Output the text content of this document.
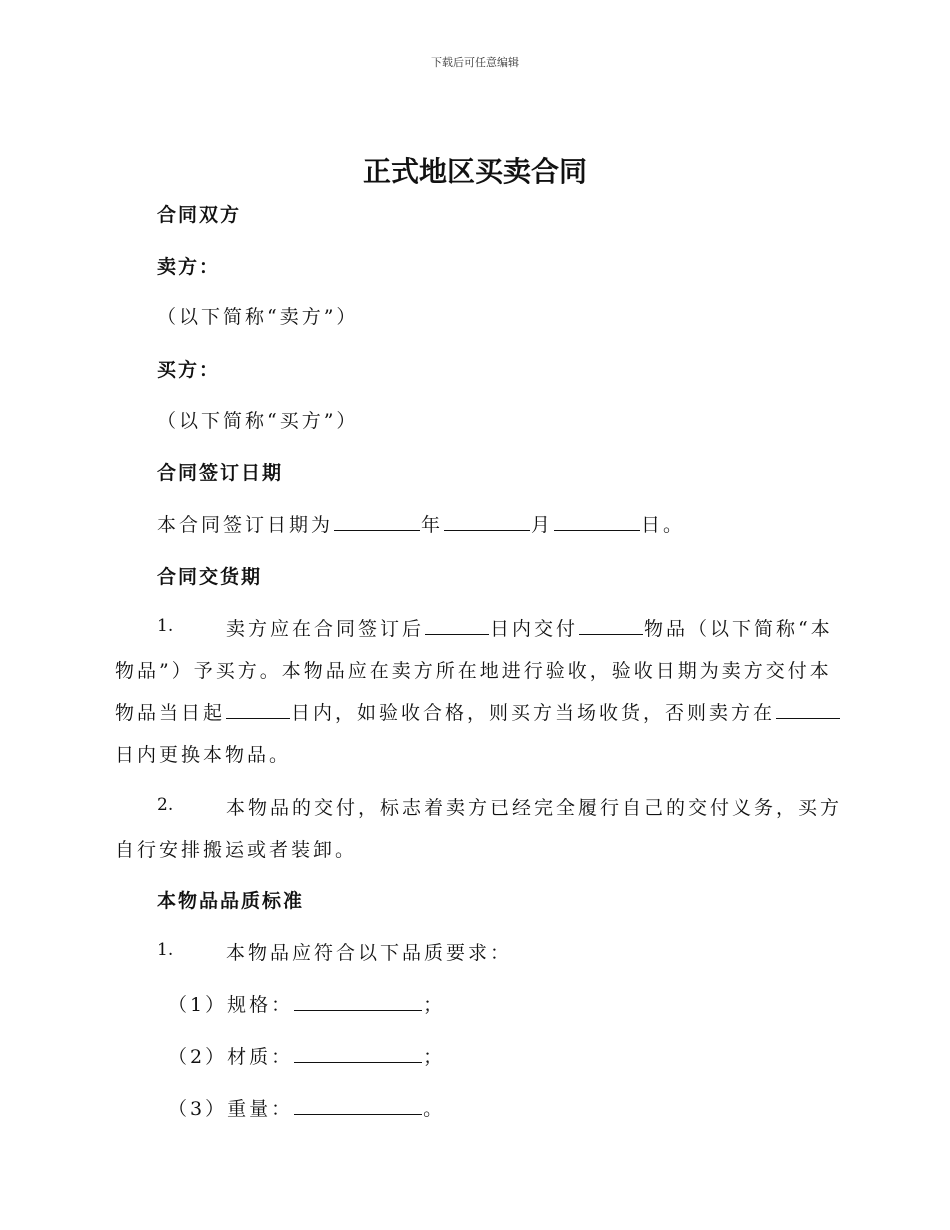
下载后可任意编辑
正式地区买卖合同
合同双方
卖方：
（以下简称“卖方”）
买方：
（以下简称“买方”）
合同签订日期
本合同签订日期为	年	月	日。
合同交货期
1.	卖方应在合同签订后	日内交付	物品（以下简称“本
物品”）予买方。本物品应在卖方所在地进行验收，验收日期为卖方交付本
物品当日起	日内，如验收合格，则买方当场收货，否则卖方在
日内更换本物品。
2.	本物品的交付，标志着卖方已经完全履行自己的交付义务，买方
自行安排搬运或者装卸。
本物品品质标准
1.	本物品应符合以下品质要求：
（1）规格：	；
（2）材质：	；
（3）重量：	。
